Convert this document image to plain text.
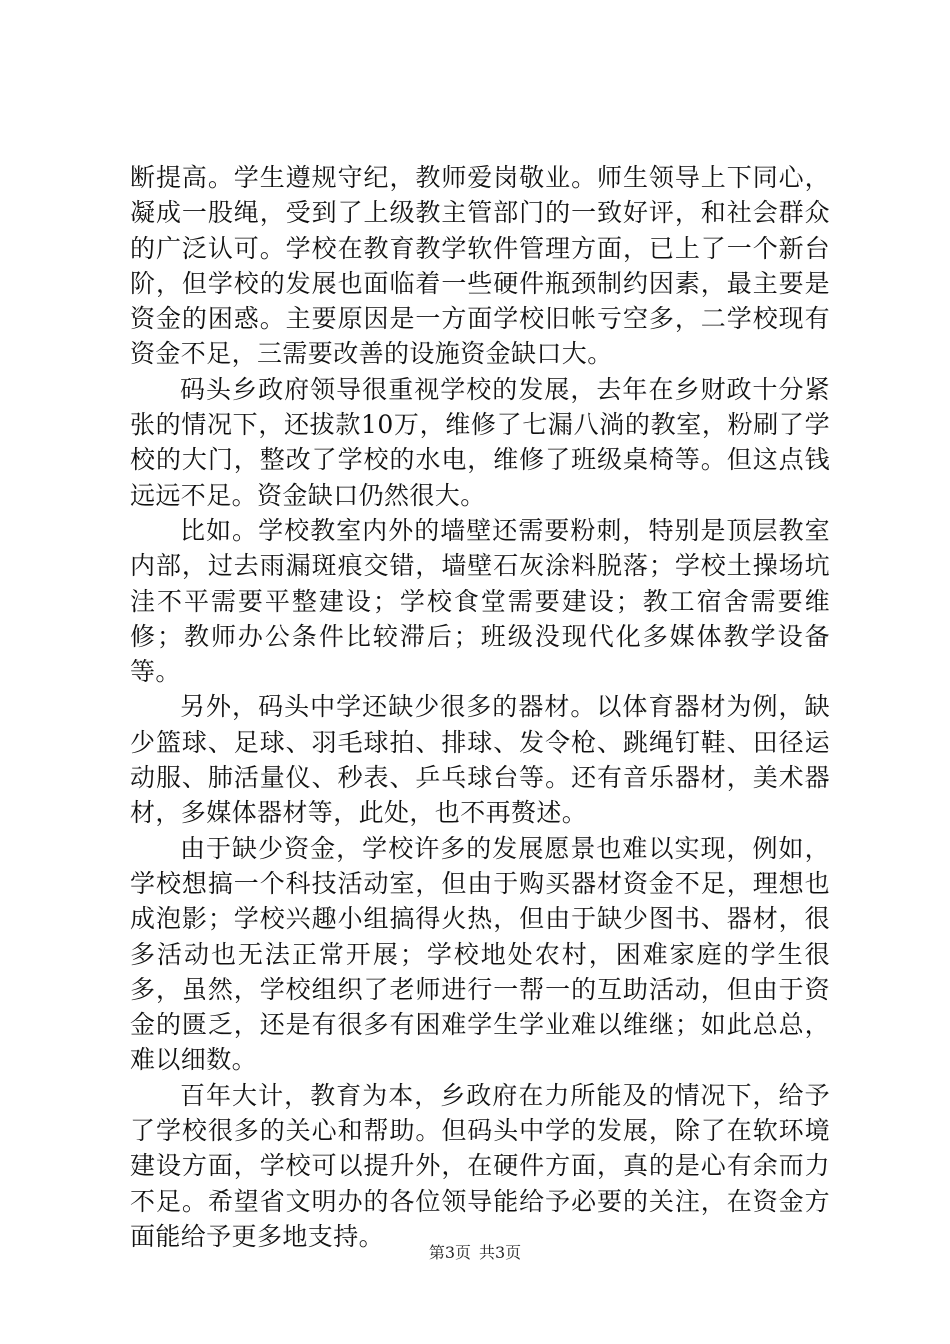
断提高。学生遵规守纪，教师爱岗敬业。师生领导上下同心，凝成一股绳，受到了上级教主管部门的一致好评，和社会群众的广泛认可。学校在教育教学软件管理方面，已上了一个新台阶，但学校的发展也面临着一些硬件瓶颈制约因素，最主要是资金的困惑。主要原因是一方面学校旧帐亏空多，二学校现有资金不足，三需要改善的设施资金缺口大。

码头乡政府领导很重视学校的发展，去年在乡财政十分紧张的情况下，还拔款10万，维修了七漏八淌的教室，粉刷了学校的大门，整改了学校的水电，维修了班级桌椅等。但这点钱远远不足。资金缺口仍然很大。

比如。学校教室内外的墙壁还需要粉刺，特别是顶层教室内部，过去雨漏斑痕交错，墙壁石灰涂料脱落；学校土操场坑洼不平需要平整建设；学校食堂需要建设；教工宿舍需要维修；教师办公条件比较滞后；班级没现代化多媒体教学设备等。

另外，码头中学还缺少很多的器材。以体育器材为例，缺少篮球、足球、羽毛球拍、排球、发令枪、跳绳钉鞋、田径运动服、肺活量仪、秒表、乒乓球台等。还有音乐器材，美术器材，多媒体器材等，此处，也不再赘述。

由于缺少资金，学校许多的发展愿景也难以实现，例如，学校想搞一个科技活动室，但由于购买器材资金不足，理想也成泡影；学校兴趣小组搞得火热，但由于缺少图书、器材，很多活动也无法正常开展；学校地处农村，困难家庭的学生很多，虽然，学校组织了老师进行一帮一的互助活动，但由于资金的匮乏，还是有很多有困难学生学业难以维继；如此总总，难以细数。

百年大计，教育为本，乡政府在力所能及的情况下，给予了学校很多的关心和帮助。但码头中学的发展，除了在软环境建设方面，学校可以提升外，在硬件方面，真的是心有余而力不足。希望省文明办的各位领导能给予必要的关注，在资金方面能给予更多地支持。

第3页 共3页
